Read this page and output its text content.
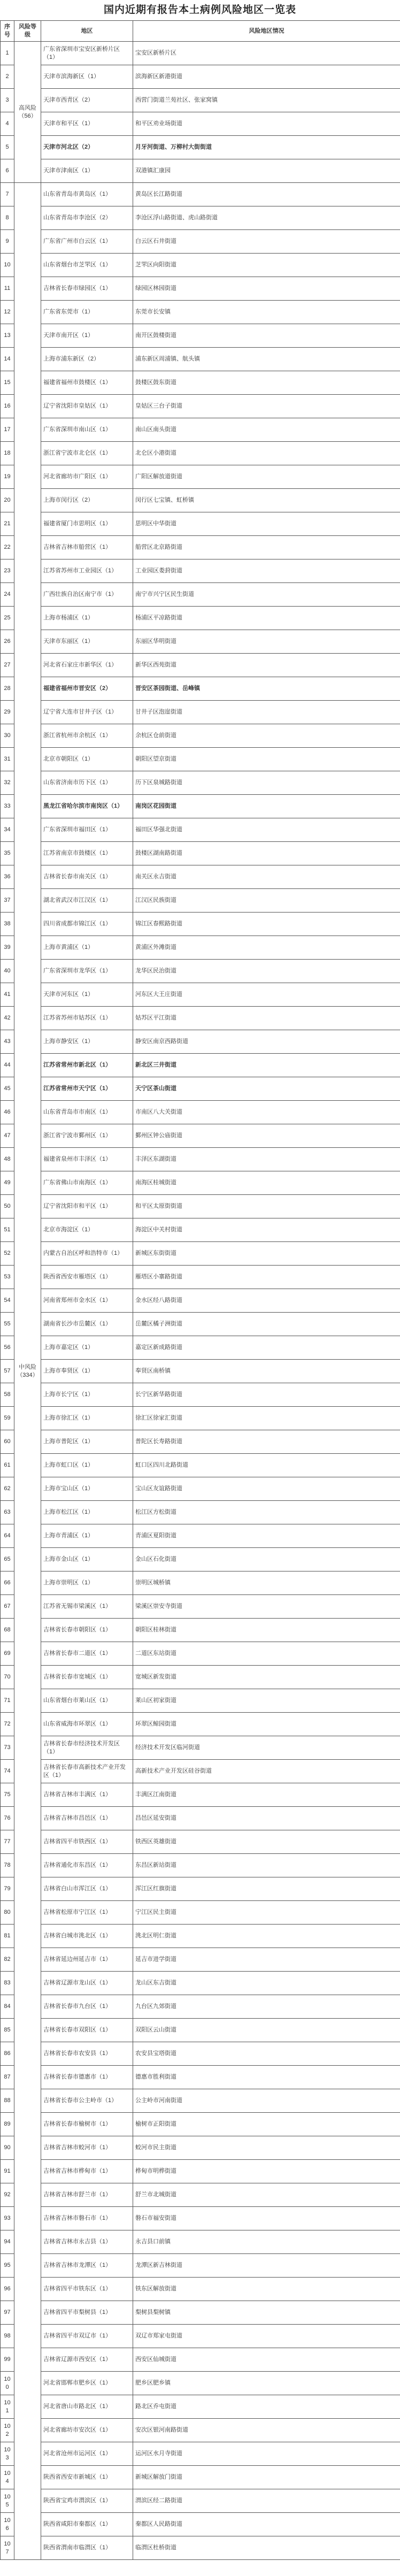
国内近期有报告本土病例风险地区一览表
序号	风险等级	地区	风险地区情况
1	高风险（56）	广东省深圳市宝安区新桥片区（1）	宝安区新桥片区
2		天津市滨海新区（1）	滨海新区新港街道
3		天津市西青区（2）	西营门街道兰苑社区、张家窝镇
4		天津市和平区（1）	和平区劝业场街道
5		天津市河北区（2）	月牙河街道、万柳村大街街道
6		天津市津南区（1）	双港镇汇康园
7	中风险（334）	山东省青岛市黄岛区（1）	黄岛区长江路街道
8		山东省青岛市李沧区（2）	李沧区浮山路街道、虎山路街道
9		广东省广州市白云区（1）	白云区石井街道
10		山东省烟台市芝罘区（1）	芝罘区向阳街道
11		吉林省长春市绿园区（1）	绿园区林园街道
12		广东省东莞市（1）	东莞市长安镇
13		天津市南开区（1）	南开区鼓楼街道
14		上海市浦东新区（2）	浦东新区周浦镇、航头镇
15		福建省福州市鼓楼区（1）	鼓楼区鼓东街道
16		辽宁省沈阳市皇姑区（1）	皇姑区三台子街道
17		广东省深圳市南山区（1）	南山区南头街道
18		浙江省宁波市北仑区（1）	北仑区小港街道
19		河北省廊坊市广阳区（1）	广阳区解放道街道
20		上海市闵行区（2）	闵行区七宝镇、虹桥镇
21		福建省厦门市思明区（1）	思明区中华街道
22		吉林省吉林市船营区（1）	船营区北京路街道
23		江苏省苏州市工业园区（1）	工业园区娄葑街道
24		广西壮族自治区南宁市（1）	南宁市兴宁区民生街道
25		上海市杨浦区（1）	杨浦区平凉路街道
26		天津市东丽区（1）	东丽区华明街道
27		河北省石家庄市新华区（1）	新华区西苑街道
28		福建省福州市晋安区（2）	晋安区茶园街道、岳峰镇
29		辽宁省大连市甘井子区（1）	甘井子区泡崖街道
30		浙江省杭州市余杭区（1）	余杭区仓前街道
31		北京市朝阳区（1）	朝阳区望京街道
32		山东省济南市历下区（1）	历下区泉城路街道
33		黑龙江省哈尔滨市南岗区（1）	南岗区花园街道
34		广东省深圳市福田区（1）	福田区华强北街道
35		江苏省南京市鼓楼区（1）	鼓楼区湖南路街道
36		吉林省长春市南关区（1）	南关区永吉街道
37		湖北省武汉市江汉区（1）	江汉区民族街道
38		四川省成都市锦江区（1）	锦江区春熙路街道
39		上海市黄浦区（1）	黄浦区外滩街道
40		广东省深圳市龙华区（1）	龙华区民治街道
41		天津市河东区（1）	河东区大王庄街道
42		江苏省苏州市姑苏区（1）	姑苏区平江街道
43		上海市静安区（1）	静安区南京西路街道
44		江苏省常州市新北区（1）	新北区三井街道
45		江苏省常州市天宁区（1）	天宁区茶山街道
46		山东省青岛市市南区（1）	市南区八大关街道
47		浙江省宁波市鄞州区（1）	鄞州区钟公庙街道
48		福建省泉州市丰泽区（1）	丰泽区东湖街道
49		广东省佛山市南海区（1）	南海区桂城街道
50		辽宁省沈阳市和平区（1）	和平区太原街街道
51		北京市海淀区（1）	海淀区中关村街道
52		内蒙古自治区呼和浩特市（1）	新城区东街街道
53		陕西省西安市雁塔区（1）	雁塔区小寨路街道
54		河南省郑州市金水区（1）	金水区经八路街道
55		湖南省长沙市岳麓区（1）	岳麓区橘子洲街道
56		上海市嘉定区（1）	嘉定区新成路街道
57		上海市奉贤区（1）	奉贤区南桥镇
58		上海市长宁区（1）	长宁区新华路街道
59		上海市徐汇区（1）	徐汇区徐家汇街道
60		上海市普陀区（1）	普陀区长寿路街道
61		上海市虹口区（1）	虹口区四川北路街道
62		上海市宝山区（1）	宝山区友谊路街道
63		上海市松江区（1）	松江区方松街道
64		上海市青浦区（1）	青浦区夏阳街道
65		上海市金山区（1）	金山区石化街道
66		上海市崇明区（1）	崇明区城桥镇
67		江苏省无锡市梁溪区（1）	梁溪区崇安寺街道
68		吉林省长春市朝阳区（1）	朝阳区桂林街道
69		吉林省长春市二道区（1）	二道区东站街道
70		吉林省长春市宽城区（1）	宽城区新发街道
71		山东省烟台市莱山区（1）	莱山区初家街道
72		山东省威海市环翠区（1）	环翠区鲸园街道
73		吉林省长春市经济技术开发区（1）	经济技术开发区临河街道
74		吉林省长春市高新技术产业开发区（1）	高新技术产业开发区硅谷街道
75		吉林省吉林市丰满区（1）	丰满区江南街道
76		吉林省吉林市昌邑区（1）	昌邑区延安街道
77		吉林省四平市铁西区（1）	铁西区英雄街道
78		吉林省通化市东昌区（1）	东昌区新站街道
79		吉林省白山市浑江区（1）	浑江区红旗街道
80		吉林省松原市宁江区（1）	宁江区民主街道
81		吉林省白城市洮北区（1）	洮北区明仁街道
82		吉林省延边州延吉市（1）	延吉市进学街道
83		吉林省辽源市龙山区（1）	龙山区东吉街道
84		吉林省长春市九台区（1）	九台区九郊街道
85		吉林省长春市双阳区（1）	双阳区云山街道
86		吉林省长春市农安县（1）	农安县宝塔街道
87		吉林省长春市德惠市（1）	德惠市胜利街道
88		吉林省长春市公主岭市（1）	公主岭市河南街道
89		吉林省长春市榆树市（1）	榆树市正阳街道
90		吉林省吉林市蛟河市（1）	蛟河市民主街道
91		吉林省吉林市桦甸市（1）	桦甸市明桦街道
92		吉林省吉林市舒兰市（1）	舒兰市北城街道
93		吉林省吉林市磐石市（1）	磐石市福安街道
94		吉林省吉林市永吉县（1）	永吉县口前镇
95		吉林省吉林市龙潭区（1）	龙潭区新吉林街道
96		吉林省四平市铁东区（1）	铁东区解放街道
97		吉林省四平市梨树县（1）	梨树县梨树镇
98		吉林省四平市双辽市（1）	双辽市郑家屯街道
99		吉林省辽源市西安区（1）	西安区仙城街道
100		河北省邯郸市肥乡区（1）	肥乡区肥乡镇
101		河北省唐山市路北区（1）	路北区乔屯街道
102		河北省廊坊市安次区（1）	安次区银河南路街道
103		河北省沧州市运河区（1）	运河区水月寺街道
104		陕西省西安市新城区（1）	新城区解放门街道
105		陕西省宝鸡市渭滨区（1）	渭滨区经二路街道
106		陕西省咸阳市秦都区（1）	秦都区人民路街道
107		陕西省渭南市临渭区（1）	临渭区杜桥街道
